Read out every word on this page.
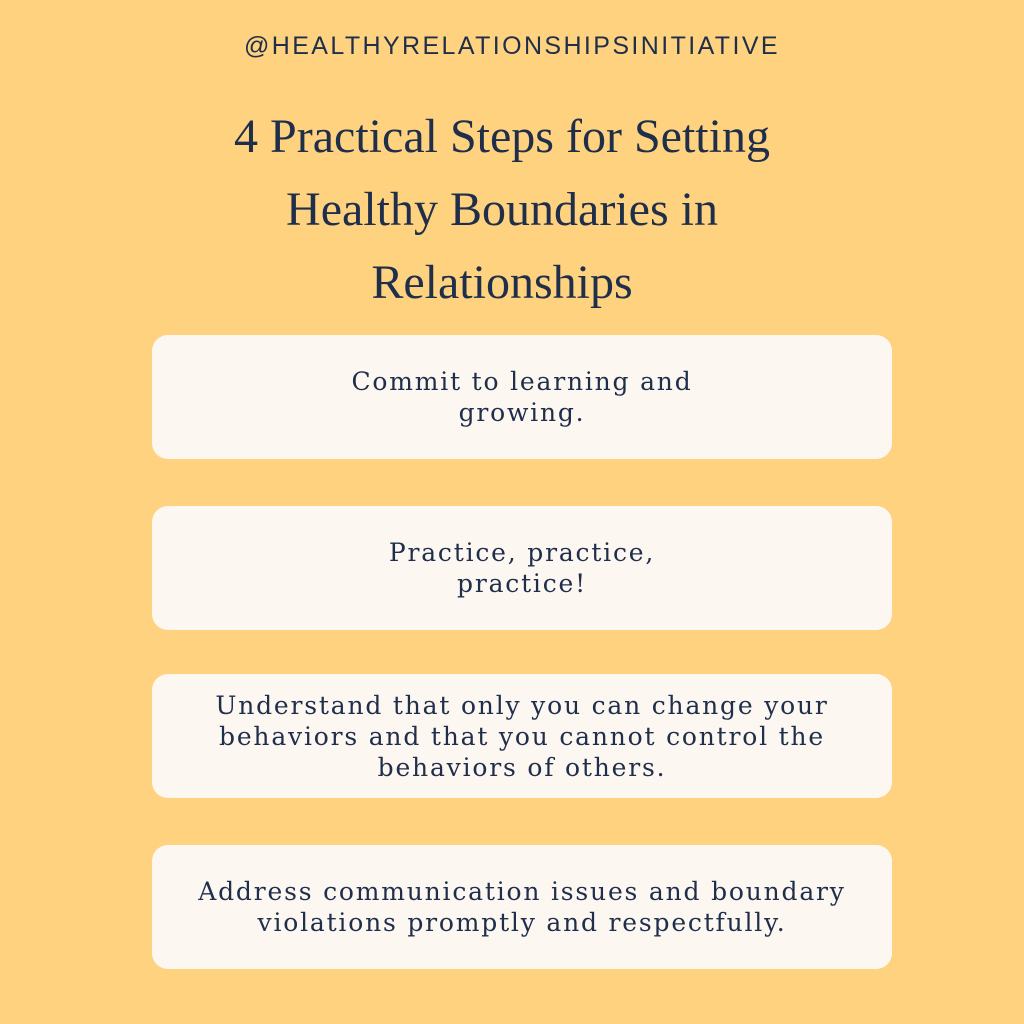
@HEALTHYRELATIONSHIPSINITIATIVE
4 Practical Steps for Setting
Healthy Boundaries in
Relationships
Commit to learning and
growing.
Practice, practice,
practice!
Understand that only you can change your
behaviors and that you cannot control the
behaviors of others.
Address communication issues and boundary
violations promptly and respectfully.
